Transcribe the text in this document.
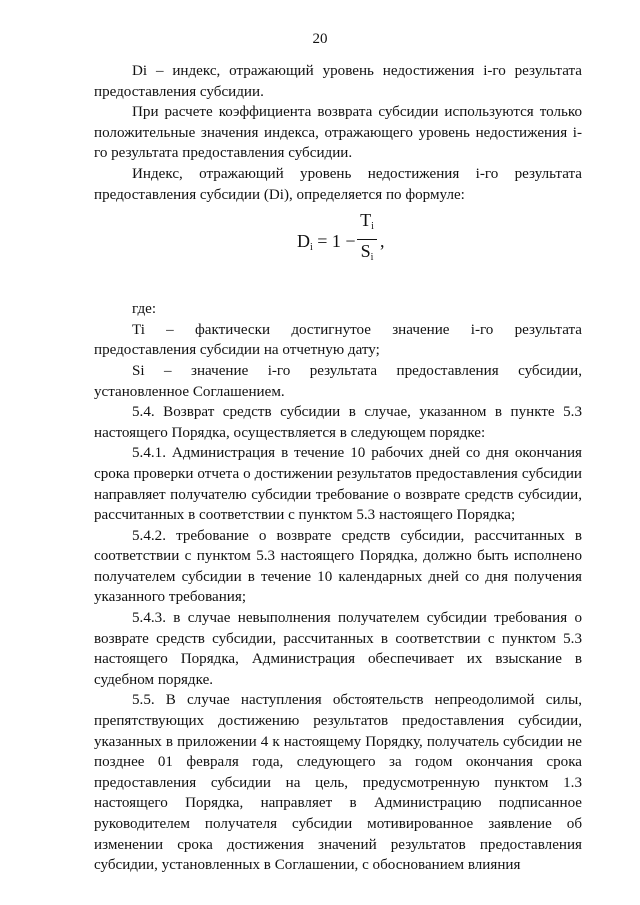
20

Di – индекс, отражающий уровень недостижения i-го результата предоставления субсидии.

При расчете коэффициента возврата субсидии используются только положительные значения индекса, отражающего уровень недостижения i-го результата предоставления субсидии.

Индекс, отражающий уровень недостижения i-го результата предоставления субсидии (Di), определяется по формуле:

$D_i = 1 - \frac{T_i}{S_i}$ ,

где:

Ti – фактически достигнутое значение i-го результата предоставления субсидии на отчетную дату;

Si – значение i-го результата предоставления субсидии, установленное Соглашением.

5.4. Возврат средств субсидии в случае, указанном в пункте 5.3 настоящего Порядка, осуществляется в следующем порядке:

5.4.1. Администрация в течение 10 рабочих дней со дня окончания срока проверки отчета о достижении результатов предоставления субсидии направляет получателю субсидии требование о возврате средств субсидии, рассчитанных в соответствии с пунктом 5.3 настоящего Порядка;

5.4.2. требование о возврате средств субсидии, рассчитанных в соответствии с пунктом 5.3 настоящего Порядка, должно быть исполнено получателем субсидии в течение 10 календарных дней со дня получения указанного требования;

5.4.3. в случае невыполнения получателем субсидии требования о возврате средств субсидии, рассчитанных в соответствии с пунктом 5.3 настоящего Порядка, Администрация обеспечивает их взыскание в судебном порядке.

5.5. В случае наступления обстоятельств непреодолимой силы, препятствующих достижению результатов предоставления субсидии, указанных в приложении 4 к настоящему Порядку, получатель субсидии не позднее 01 февраля года, следующего за годом окончания срока предоставления субсидии на цель, предусмотренную пунктом 1.3 настоящего Порядка, направляет в Администрацию подписанное руководителем получателя субсидии мотивированное заявление об изменении срока достижения значений результатов предоставления субсидии, установленных в Соглашении, с обоснованием влияния
